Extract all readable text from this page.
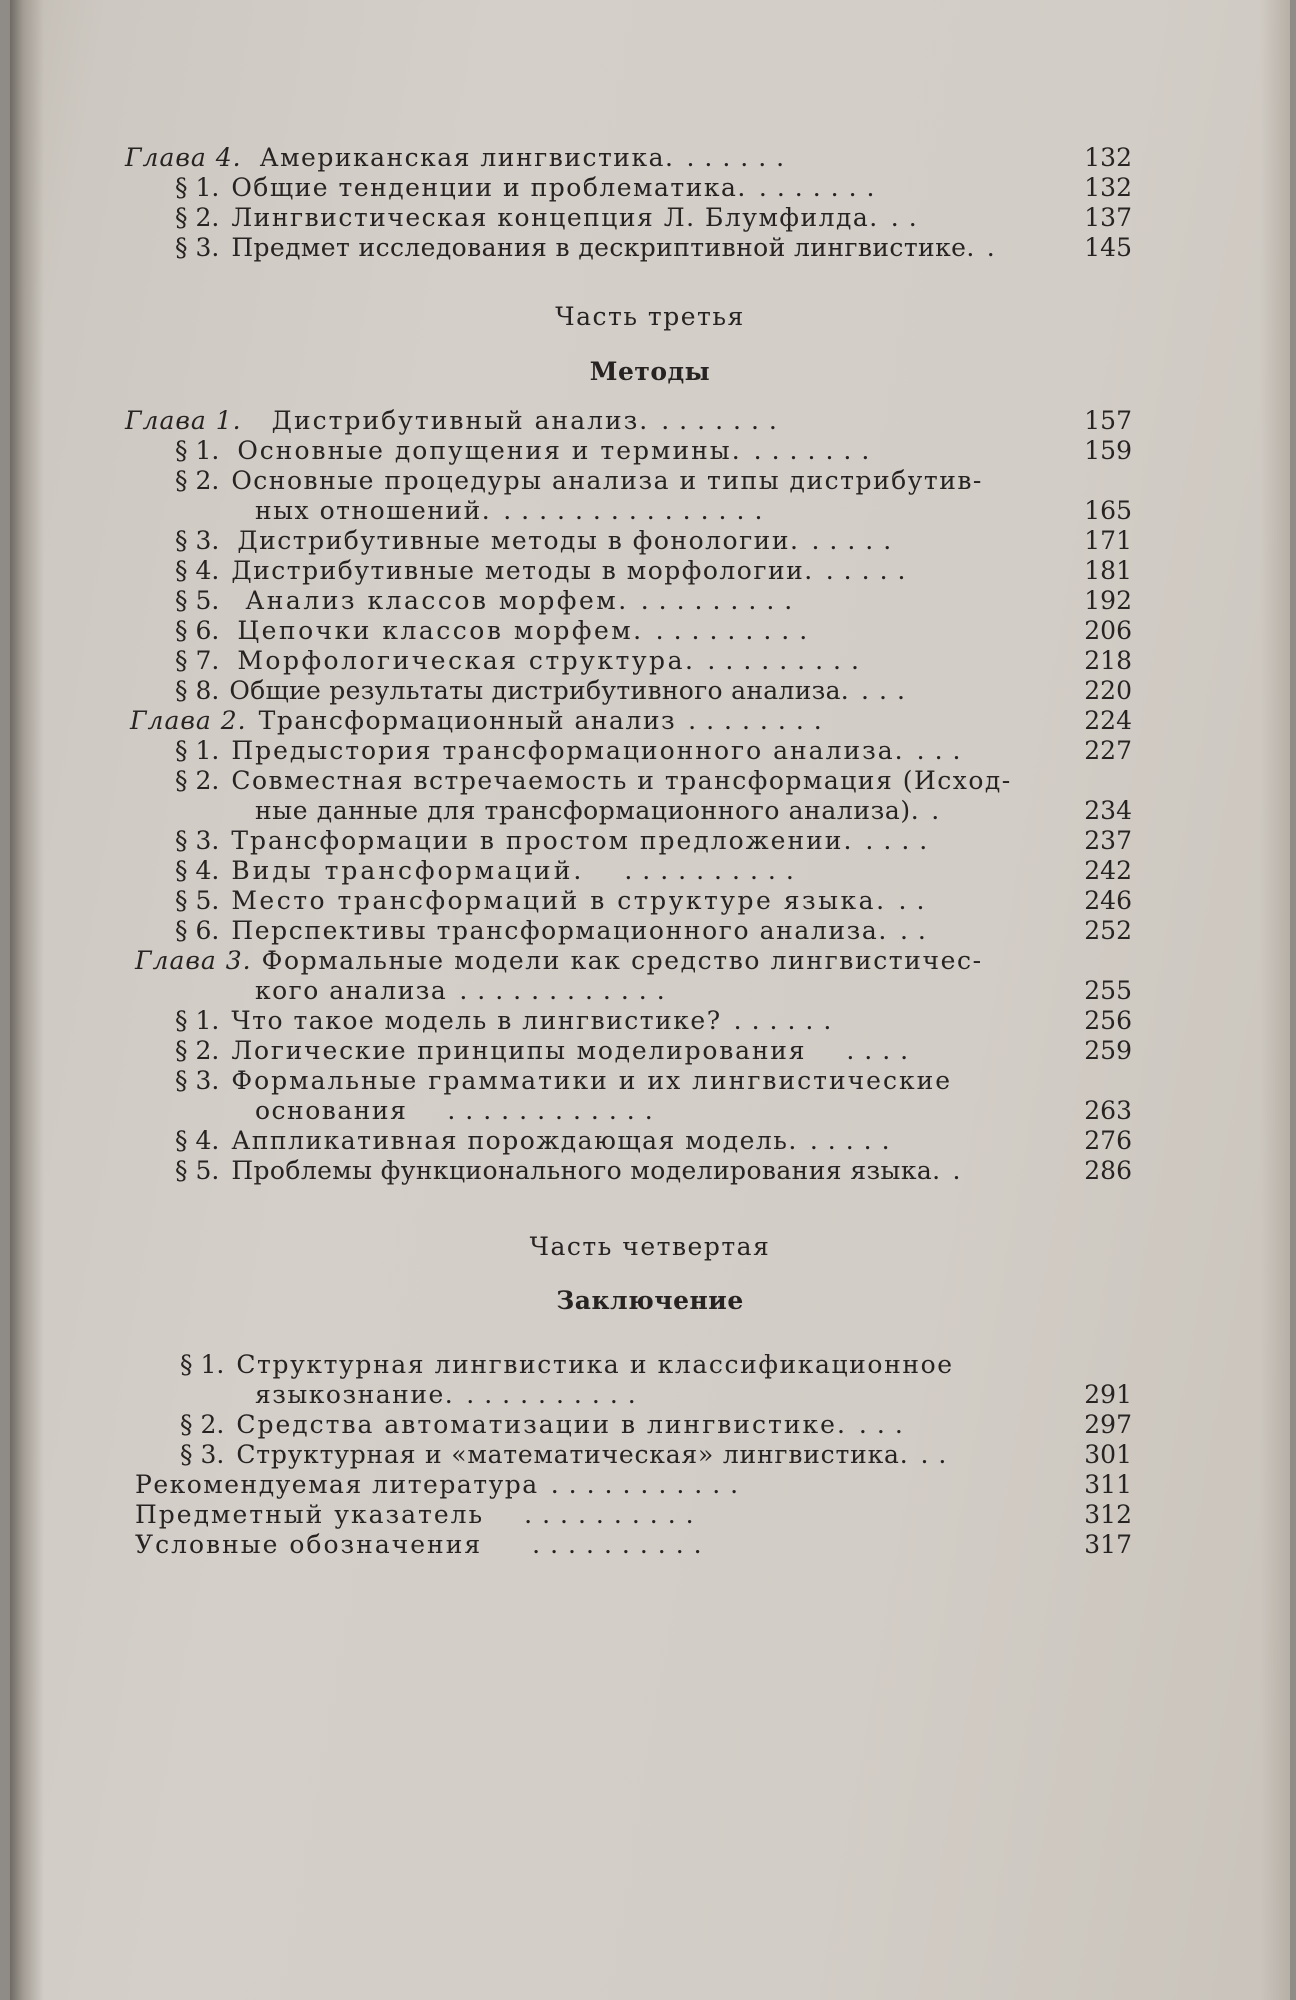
Глава 4. Американская лингвистика. ......	132
§ 1. Общие тенденции и проблематика. .......	132
§ 2. Лингвистическая концепция Л. Блумфилда. ..	137
§ 3. Предмет исследования в дескриптивной лингвистике. .	145
Часть третья
Методы
Глава 1. Дистрибутивный анализ. .......	157
§ 1. Основные допущения и термины. .......	159
§ 2. Основные процедуры анализа и типы дистрибутив-
ных отношений. ...............	165
§ 3. Дистрибутивные методы в фонологии. .....	171
§ 4. Дистрибутивные методы в морфологии. .....	181
§ 5. Анализ классов морфем. .........	192
§ 6. Цепочки классов морфем. .........	206
§ 7. Морфологическая структура. .........	218
§ 8. Общие результаты дистрибутивного анализа. ...	220
Глава 2. Трансформационный анализ ........	224
§ 1. Предыстория трансформационного анализа. ...	227
§ 2. Совместная встречаемость и трансформация (Исход-
ные данные для трансформационного анализа). .	234
§ 3. Трансформации в простом предложении. ....	237
§ 4. Виды трансформаций. ..........	242
§ 5. Место трансформаций в структуре языка. ..	246
§ 6. Перспективы трансформационного анализа. ..	252
Глава 3. Формальные модели как средство лингвистичес-
кого анализа ............	255
§ 1. Что такое модель в лингвистике? ......	256
§ 2. Логические принципы моделирования ....	259
§ 3. Формальные грамматики и их лингвистические
основания ............	263
§ 4. Аппликативная порождающая модель. .....	276
§ 5. Проблемы функционального моделирования языка. .	286
Часть четвертая
Заключение
§ 1. Структурная лингвистика и классификационное
языкознание. ..........	291
§ 2. Средства автоматизации в лингвистике. ...	297
§ 3. Структурная и «математическая» лингвистика. ..	301
Рекомендуемая литература ...........	311
Предметный указатель ..........	312
Условные обозначения ..........	317
